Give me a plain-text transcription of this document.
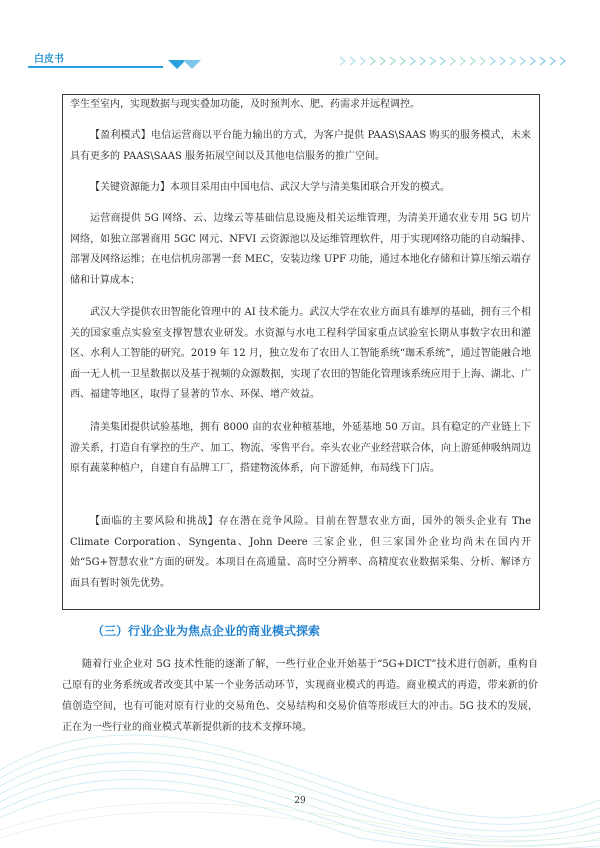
白皮书

孪生至室内，实现数据与现实叠加功能，及时预判水、肥、药需求并远程调控。

【盈利模式】电信运营商以平台能力输出的方式，为客户提供 PAAS\SAAS 购买的服务模式，未来具有更多的 PAAS\SAAS 服务拓展空间以及其他电信服务的推广空间。

【关键资源能力】本项目采用由中国电信、武汉大学与清美集团联合开发的模式。

运营商提供 5G 网络、云、边缘云等基础信息设施及相关运维管理，为清美开通农业专用 5G 切片网络，如独立部署商用 5GC 网元、NFVI 云资源池以及运维管理软件，用于实现网络功能的自动编排、部署及网络运维；在电信机房部署一套 MEC，安装边缘 UPF 功能，通过本地化存储和计算压缩云端存储和计算成本；

武汉大学提供农田智能化管理中的 AI 技术能力。武汉大学在农业方面具有雄厚的基础，拥有三个相关的国家重点实验室支撑智慧农业研发。水资源与水电工程科学国家重点试验室长期从事数字农田和灌区、水利人工智能的研究。2019 年 12 月，独立发布了农田人工智能系统“珈禾系统”，通过智能融合地面一无人机一卫星数据以及基于视频的众源数据，实现了农田的智能化管理该系统应用于上海、湖北、广西、福建等地区，取得了显著的节水、环保、增产效益。

清美集团提供试验基地，拥有 8000 亩的农业种植基地，外延基地 50 万亩。具有稳定的产业链上下游关系，打造自有掌控的生产、加工、物流、零售平台。牵头农业产业经营联合体，向上游延伸吸纳周边原有蔬菜种植户，自建自有品牌工厂，搭建物流体系，向下游延伸，布局线下门店。

【面临的主要风险和挑战】存在潜在竞争风险。目前在智慧农业方面，国外的领头企业有 The Climate Corporation、Syngenta、John Deere 三家企业，但三家国外企业均尚未在国内开始“5G+智慧农业”方面的研发。本项目在高通量、高时空分辨率、高精度农业数据采集、分析、解译方面具有暂时领先优势。

（三）行业企业为焦点企业的商业模式探索

随着行业企业对 5G 技术性能的逐渐了解，一些行业企业开始基于“5G+DICT”技术进行创新，重构自己原有的业务系统或者改变其中某一个业务活动环节，实现商业模式的再造。商业模式的再造，带来新的价值创造空间，也有可能对原有行业的交易角色、交易结构和交易价值等形成巨大的冲击。5G 技术的发展，正在为一些行业的商业模式革新提供新的技术支撑环境。

29
